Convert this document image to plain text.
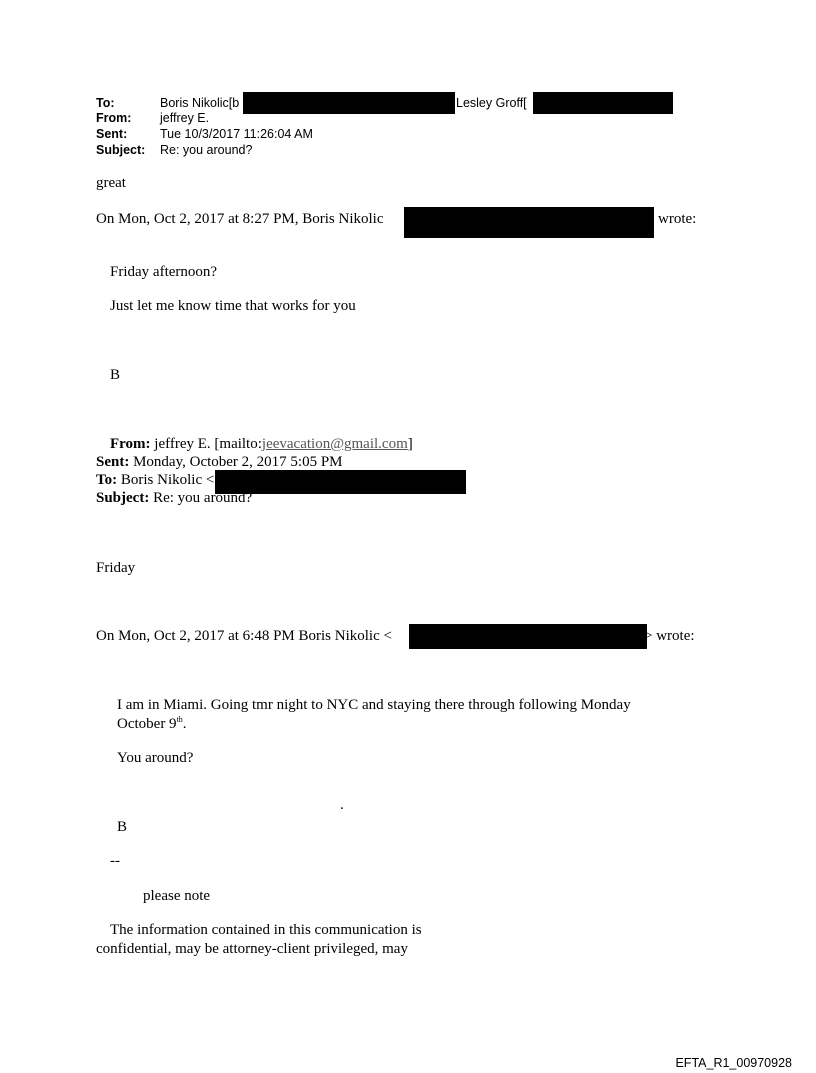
To:	Boris Nikolic[b	Lesley Groff[
From: jeffrey E.
Sent:	Tue 10/3/2017 11:26:04 AM
Subject: Re: you around?
great
On Mon, Oct 2, 2017 at 8:27 PM, Boris Nikolic	wrote:
Friday afternoon?
Just let me know time that works for you
B
From: jeffrey E. [mailto:jeevacation@gmail.com]
Sent: Monday, October 2, 2017 5:05 PM
To: Boris Nikolic <
Subject: Re: you around?
Friday
On Mon, Oct 2, 2017 at 6:48 PM Boris Nikolic <	> wrote:
I am in Miami. Going tmr night to NYC and staying there through following Monday
October 9th.
You around?
.
B
--
please note
The information contained in this communication is
confidential, may be attorney-client privileged, may
EFTA_R1_00970928
